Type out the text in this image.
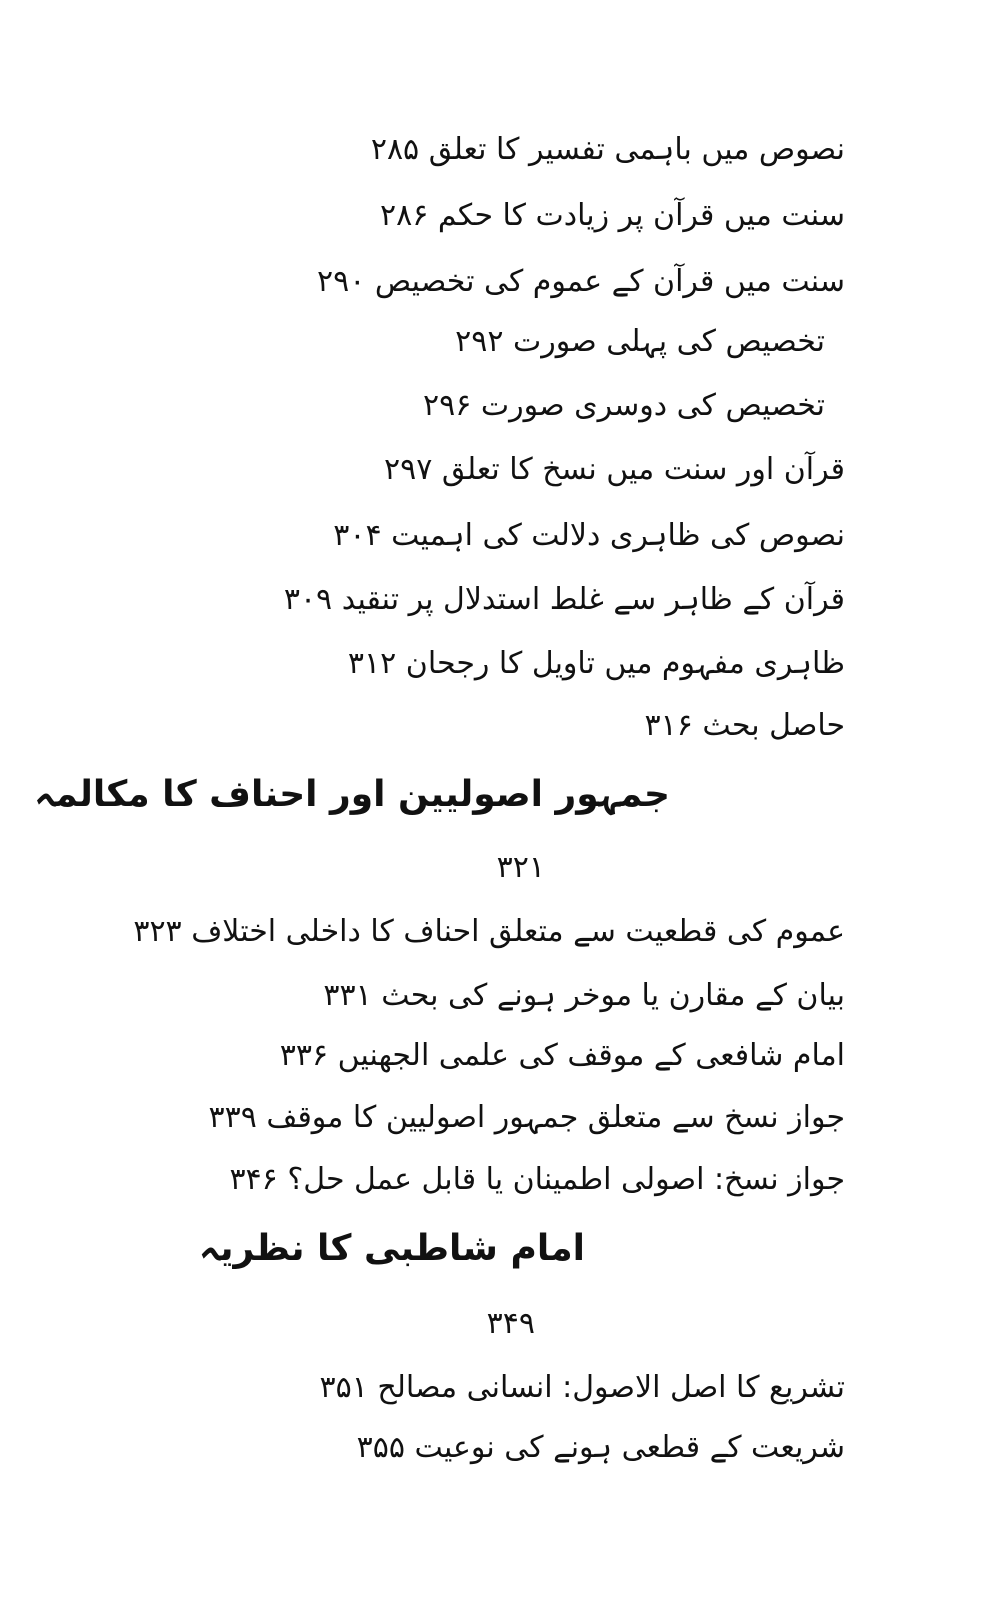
نصوص میں باہمی تفسیر کا تعلق ۲۸۵
سنت میں قرآن پر زیادت کا حکم ۲۸۶
سنت میں قرآن کے عموم کی تخصیص ۲۹۰
تخصیص کی پہلی صورت ۲۹۲
تخصیص کی دوسری صورت ۲۹۶
قرآن اور سنت میں نسخ کا تعلق ۲۹۷
نصوص کی ظاہری دلالت کی اہمیت ۳۰۴
قرآن کے ظاہر سے غلط استدلال پر تنقید ۳۰۹
ظاہری مفہوم میں تاویل کا رجحان ۳۱۲
حاصل بحث ۳۱۶
جمہور اصولیین اور احناف کا مکالمہ
۳۲۱
عموم کی قطعیت سے متعلق احناف کا داخلی اختلاف ۳۲۳
بیان کے مقارن یا موخر ہونے کی بحث ۳۳۱
امام شافعی کے موقف کی علمی الجھنیں ۳۳۶
جواز نسخ سے متعلق جمہور اصولیین کا موقف ۳۳۹
جواز نسخ: اصولی اطمینان یا قابل عمل حل؟ ۳۴۶
امام شاطبی کا نظریہ
۳۴۹
تشریع کا اصل الاصول: انسانی مصالح ۳۵۱
شریعت کے قطعی ہونے کی نوعیت ۳۵۵
